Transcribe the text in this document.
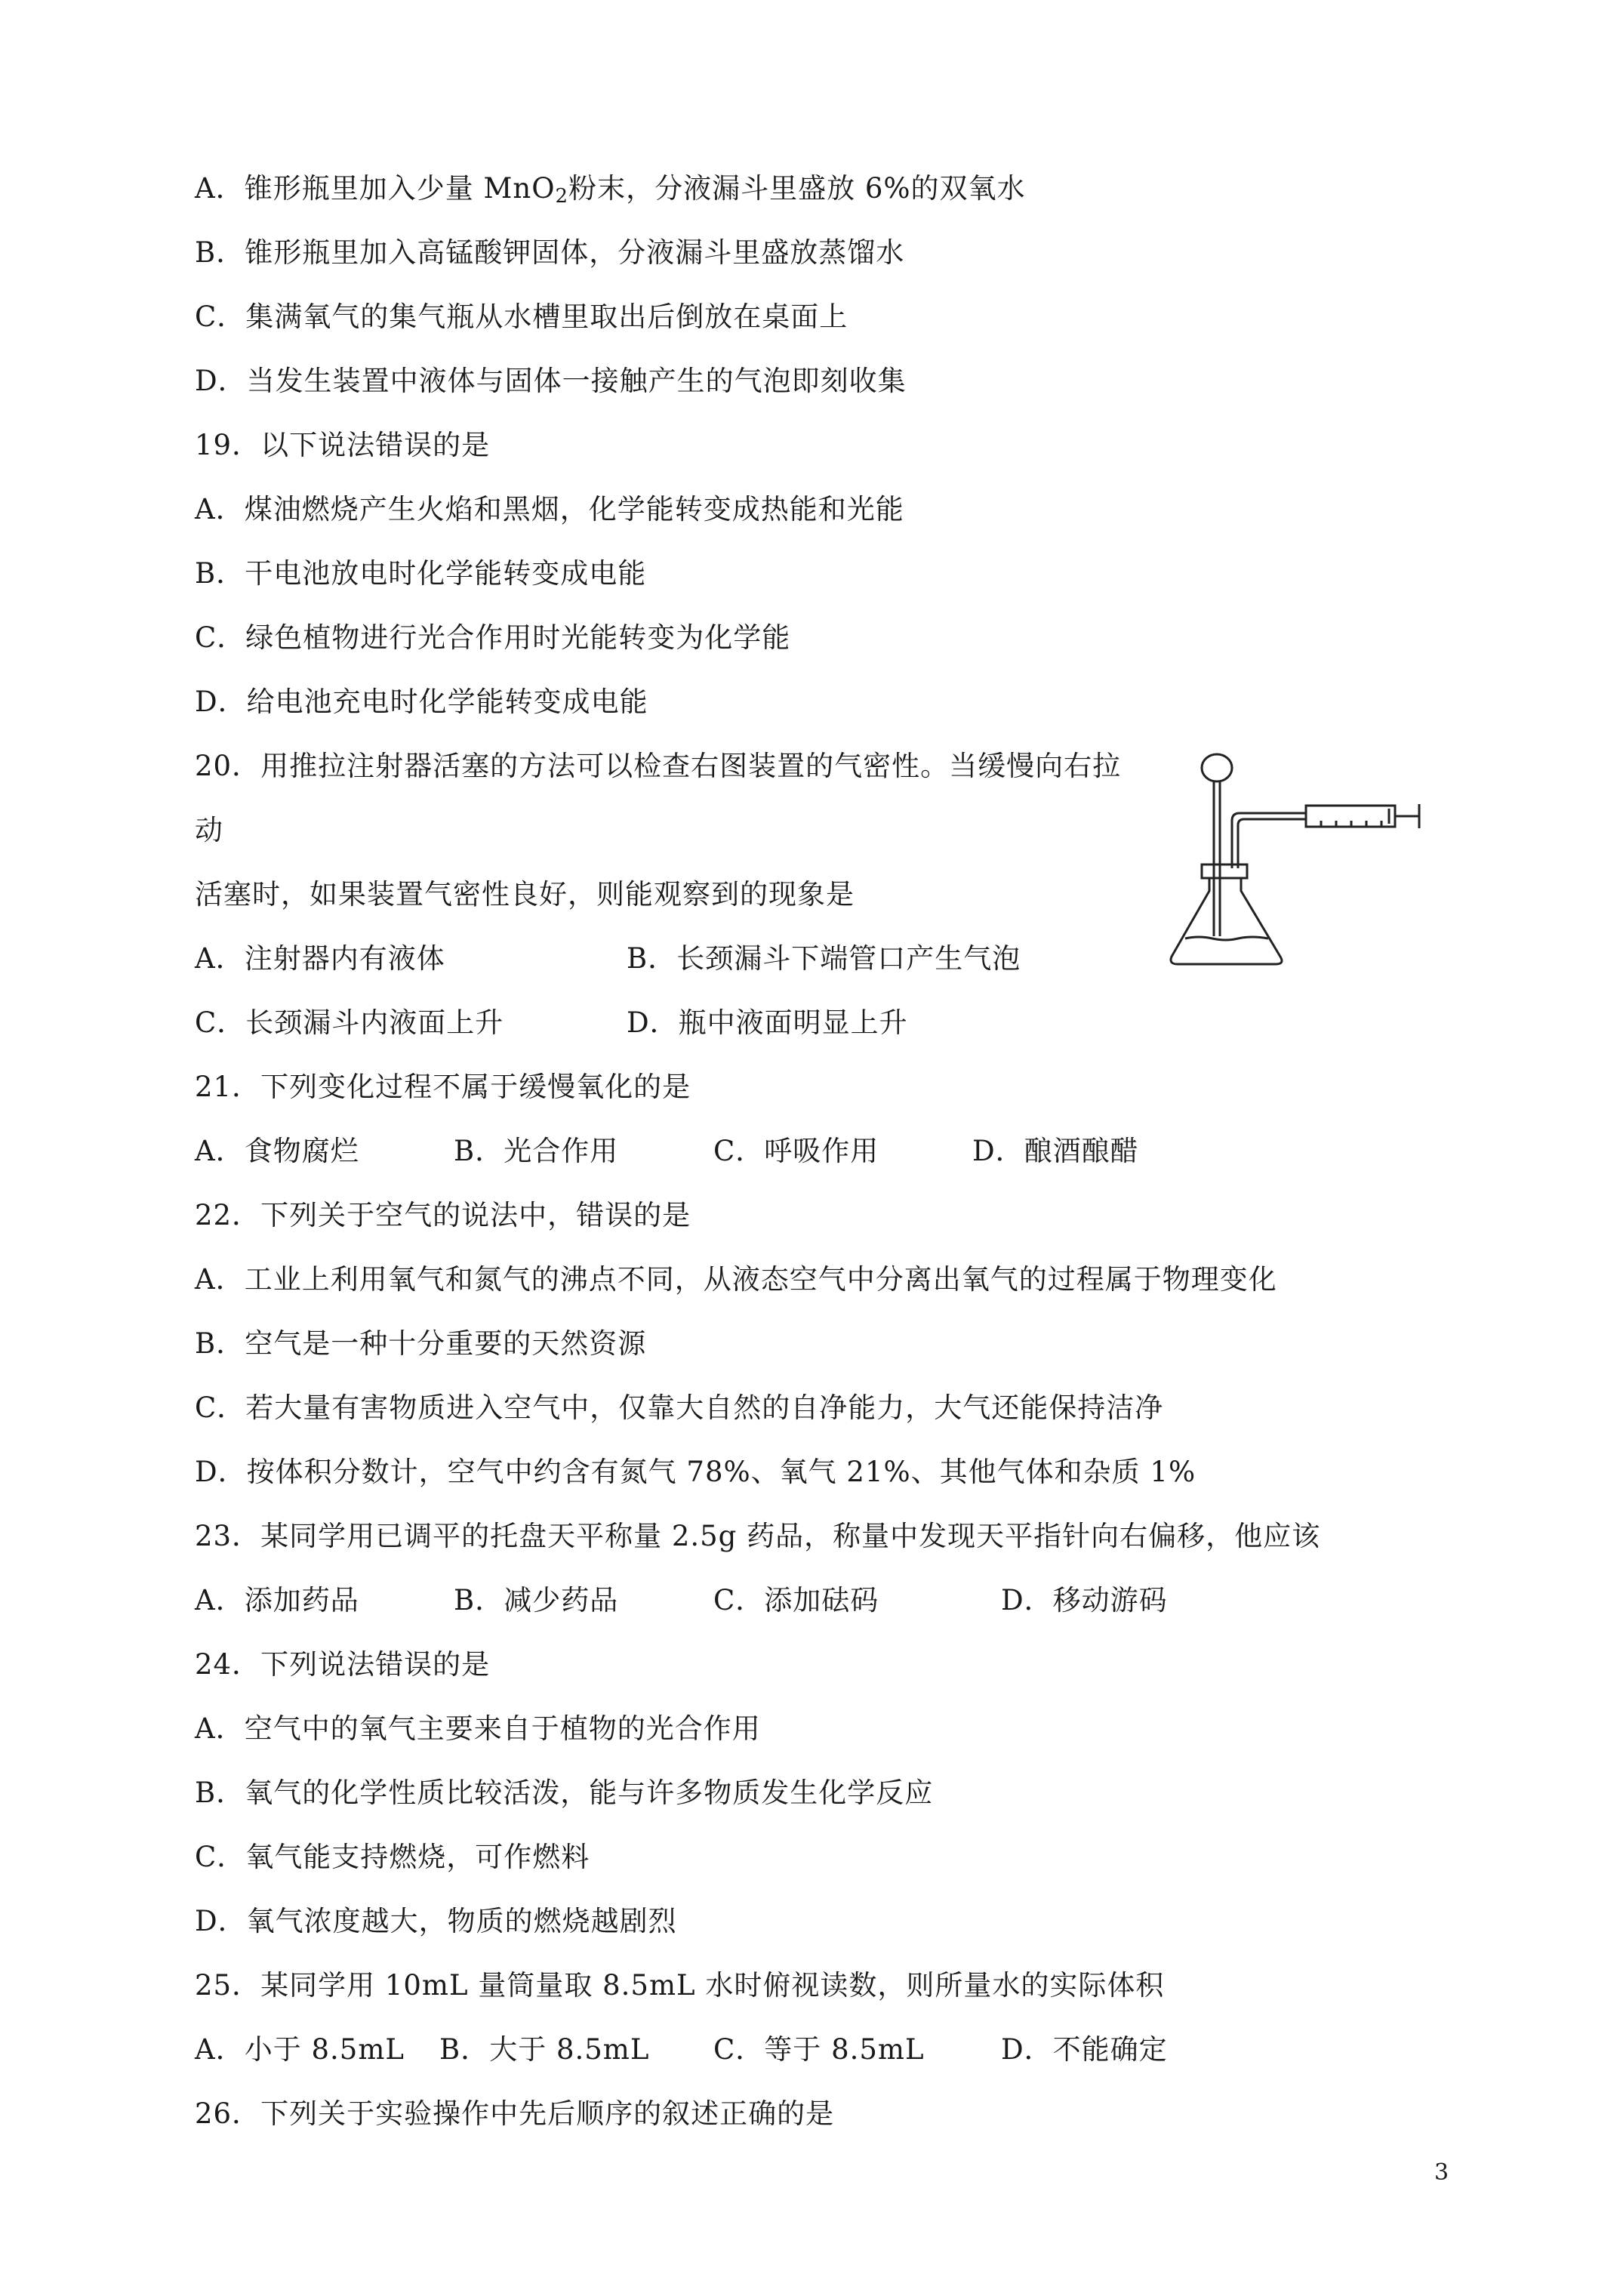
A．锥形瓶里加入少量 MnO$_2$粉末，分液漏斗里盛放 6%的双氧水
B．锥形瓶里加入高锰酸钾固体，分液漏斗里盛放蒸馏水
C．集满氧气的集气瓶从水槽里取出后倒放在桌面上
D．当发生装置中液体与固体一接触产生的气泡即刻收集
19．以下说法错误的是
A．煤油燃烧产生火焰和黑烟，化学能转变成热能和光能
B．干电池放电时化学能转变成电能
C．绿色植物进行光合作用时光能转变为化学能
D．给电池充电时化学能转变成电能
20．用推拉注射器活塞的方法可以检查右图装置的气密性。当缓慢向右拉
动
活塞时，如果装置气密性良好，则能观察到的现象是
A．注射器内有液体	B．长颈漏斗下端管口产生气泡
C．长颈漏斗内液面上升	D．瓶中液面明显上升
21．下列变化过程不属于缓慢氧化的是
A．食物腐烂	B．光合作用	C．呼吸作用	D．酿酒酿醋
22．下列关于空气的说法中，错误的是
A．工业上利用氧气和氮气的沸点不同，从液态空气中分离出氧气的过程属于物理变化
B．空气是一种十分重要的天然资源
C．若大量有害物质进入空气中，仅靠大自然的自净能力，大气还能保持洁净
D．按体积分数计，空气中约含有氮气 78%、氧气 21%、其他气体和杂质 1%
23．某同学用已调平的托盘天平称量 2.5g 药品，称量中发现天平指针向右偏移，他应该
A．添加药品	B．减少药品	C．添加砝码	D．移动游码
24．下列说法错误的是
A．空气中的氧气主要来自于植物的光合作用
B．氧气的化学性质比较活泼，能与许多物质发生化学反应
C．氧气能支持燃烧，可作燃料
D．氧气浓度越大，物质的燃烧越剧烈
25．某同学用 10mL 量筒量取 8.5mL 水时俯视读数，则所量水的实际体积
A．小于 8.5mL B．大于 8.5mL C．等于 8.5mL	D．不能确定
26．下列关于实验操作中先后顺序的叙述正确的是
3
